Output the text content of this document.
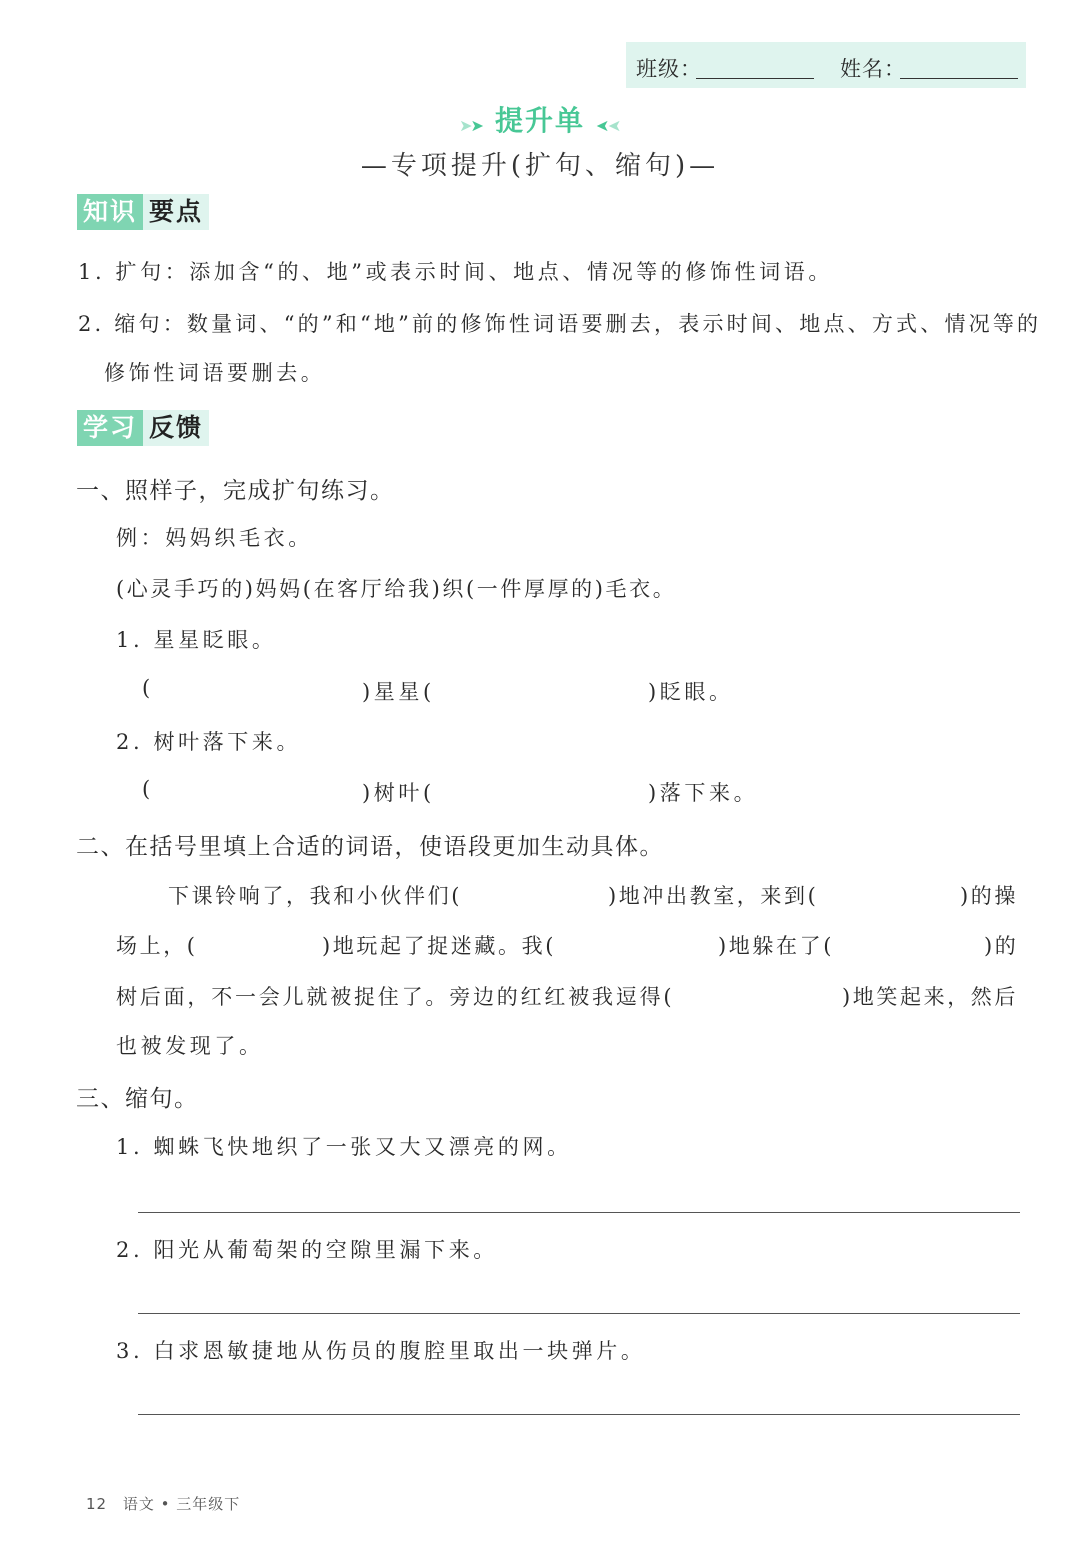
班级：	姓名：
➤➤ 提升单 ➤➤
—专项提升(扩句、缩句)—
知识 要点
1. 扩句：添加含“的、地”或表示时间、地点、情况等的修饰性词语。
2. 缩句：数量词、“的”和“地”前的修饰性词语要删去，表示时间、地点、方式、情况等的
修饰性词语要删去。
学习 反馈
一、照样子，完成扩句练习。
例：妈妈织毛衣。
(心灵手巧的)妈妈(在客厅给我)织(一件厚厚的)毛衣。
1. 星星眨眼。
(	)星星(	)眨眼。
2. 树叶落下来。
(	)树叶(	)落下来。
二、在括号里填上合适的词语，使语段更加生动具体。
下课铃响了，我和小伙伴们(	)地冲出教室，来到(	)的操
场上，(	)地玩起了捉迷藏。我(	)地躲在了(	)的
树后面，不一会儿就被捉住了。旁边的红红被我逗得(	)地笑起来，然后
也被发现了。
三、缩句。
1. 蜘蛛飞快地织了一张又大又漂亮的网。
2. 阳光从葡萄架的空隙里漏下来。
3. 白求恩敏捷地从伤员的腹腔里取出一块弹片。
12 语文 • 三年级下
